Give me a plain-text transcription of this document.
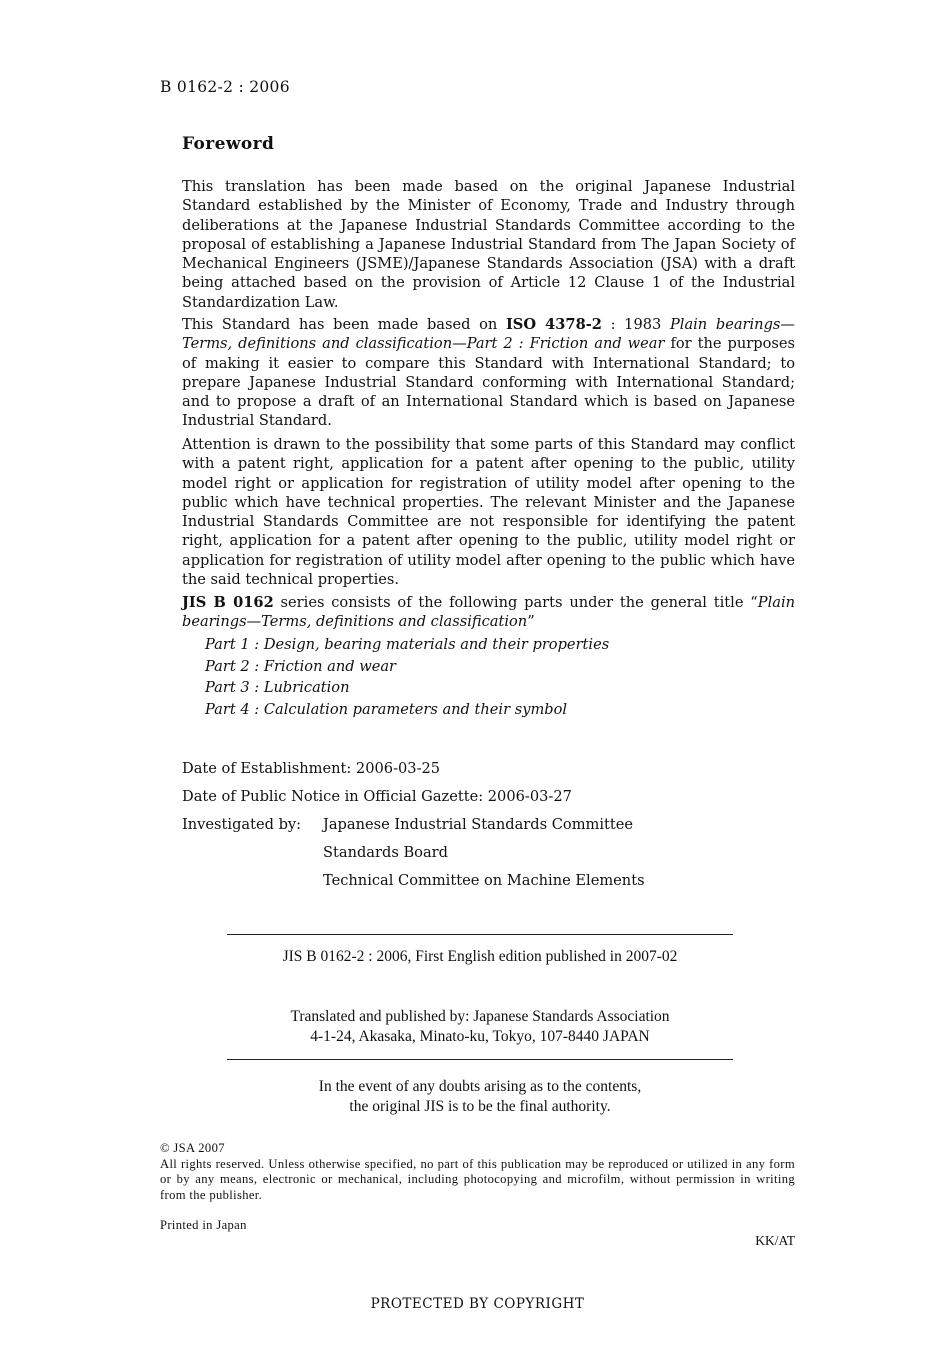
B 0162-2 : 2006
Foreword

This translation has been made based on the original Japanese Industrial Standard established by the Minister of Economy, Trade and Industry through deliberations at the Japanese Industrial Standards Committee according to the proposal of establishing a Japanese Industrial Standard from The Japan Society of Mechanical Engineers (JSME)/Japanese Standards Association (JSA) with a draft being attached based on the provision of Article 12 Clause 1 of the Industrial Standardization Law.

This Standard has been made based on ISO 4378-2 : 1983 Plain bearings—Terms, definitions and classification—Part 2 : Friction and wear for the purposes of making it easier to compare this Standard with International Standard; to prepare Japanese Industrial Standard conforming with International Standard; and to propose a draft of an International Standard which is based on Japanese Industrial Standard.

Attention is drawn to the possibility that some parts of this Standard may conflict with a patent right, application for a patent after opening to the public, utility model right or application for registration of utility model after opening to the public which have technical properties. The relevant Minister and the Japanese Industrial Standards Committee are not responsible for identifying the patent right, application for a patent after opening to the public, utility model right or application for registration of utility model after opening to the public which have the said technical properties.

JIS B 0162 series consists of the following parts under the general title “Plain bearings—Terms, definitions and classification”

Part 1 : Design, bearing materials and their properties
Part 2 : Friction and wear
Part 3 : Lubrication
Part 4 : Calculation parameters and their symbol
Date of Establishment: 2006-03-25
Date of Public Notice in Official Gazette: 2006-03-27
Investigated by: Japanese Industrial Standards Committee
Standards Board
Technical Committee on Machine Elements
JIS B 0162-2 : 2006, First English edition published in 2007-02
Translated and published by: Japanese Standards Association
4-1-24, Akasaka, Minato-ku, Tokyo, 107-8440 JAPAN
In the event of any doubts arising as to the contents,
the original JIS is to be the final authority.
© JSA 2007
All rights reserved. Unless otherwise specified, no part of this publication may be reproduced or utilized in any form or by any means, electronic or mechanical, including photocopying and microfilm, without permission in writing from the publisher.
Printed in Japan
KK/AT
PROTECTED BY COPYRIGHT
